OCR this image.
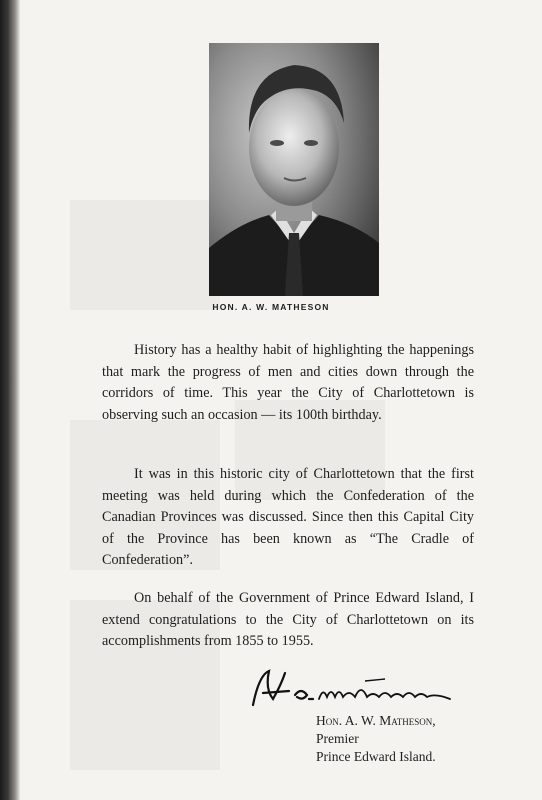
HON. A. W. MATHESON

History has a healthy habit of highlighting the happenings that mark the progress of men and cities down through the corridors of time. This year the City of Charlottetown is observing such an occasion — its 100th birthday.

It was in this historic city of Charlottetown that the first meeting was held during which the Confederation of the Canadian Provinces was discussed. Since then this Capital City of the Province has been known as “The Cradle of Confederation”.

On behalf of the Government of Prince Edward Island, I extend congratulations to the City of Charlottetown on its accomplishments from 1855 to 1955.

Hon. A. W. Matheson,
Premier
Prince Edward Island.
